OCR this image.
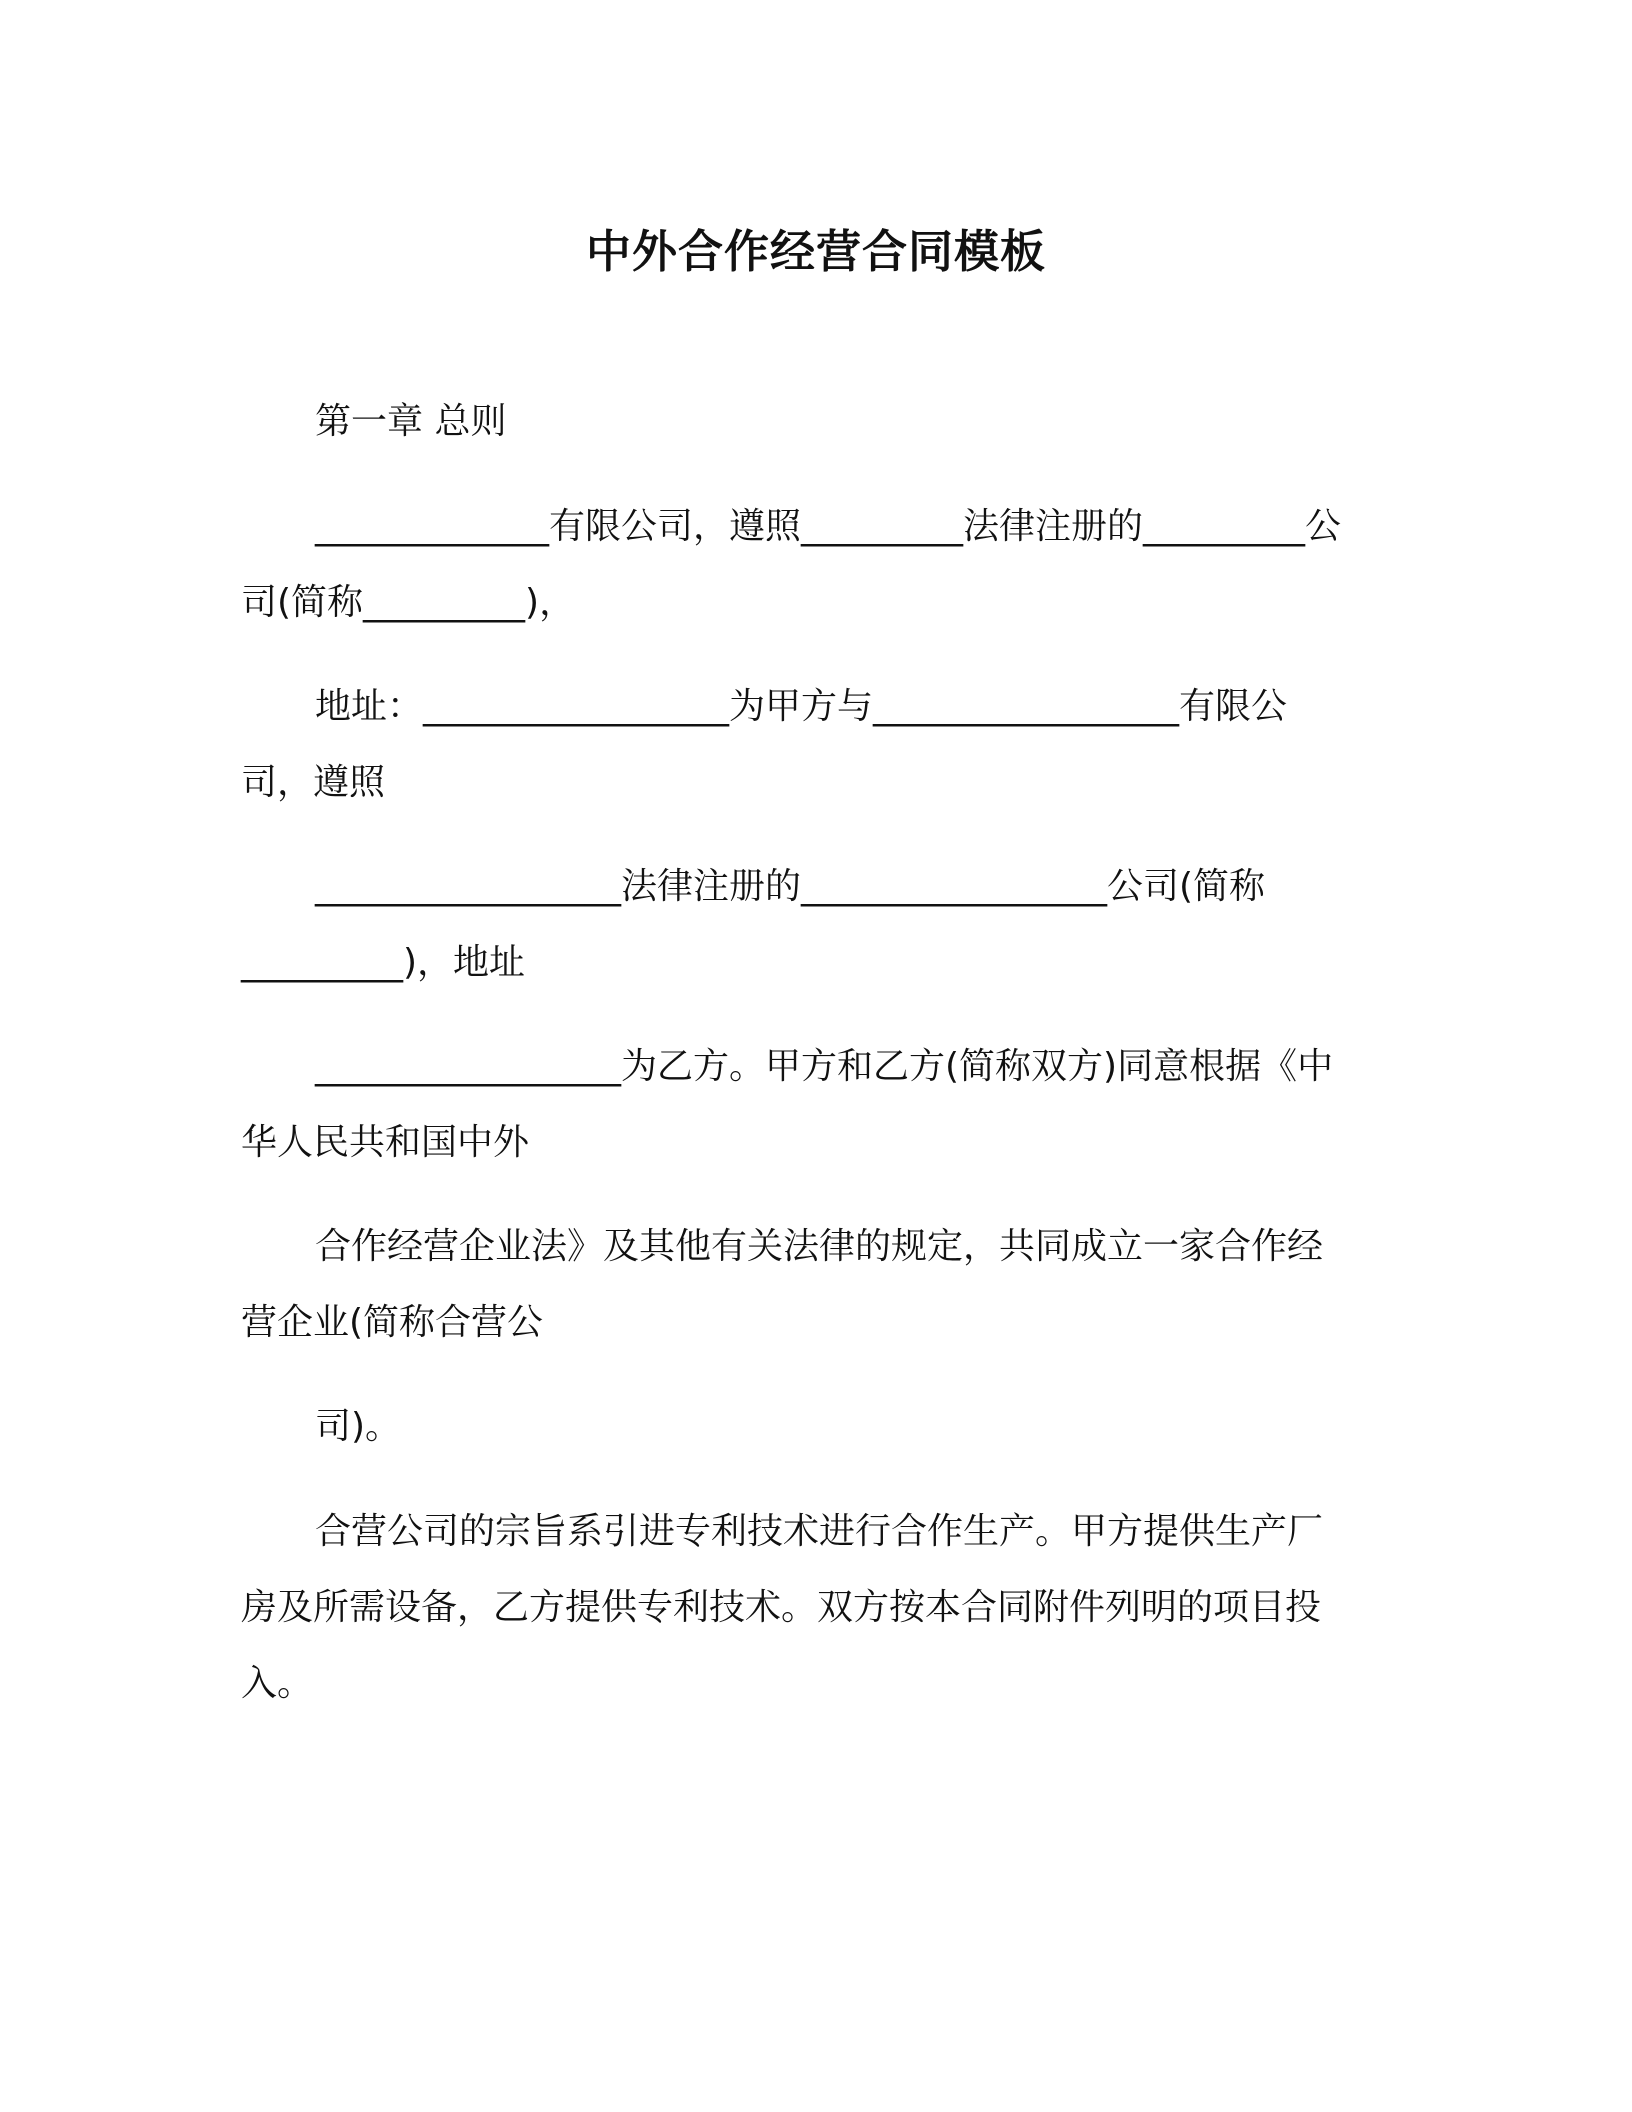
中外合作经营合同模板
第一章 总则
_____________有限公司，遵照_________法律注册的_________公
司(简称_________)，
地址：_________________为甲方与_________________有限公
司，遵照
_________________法律注册的_________________公司(简称
_________)，地址
_________________为乙方。甲方和乙方(简称双方)同意根据《中
华人民共和国中外
合作经营企业法》及其他有关法律的规定，共同成立一家合作经
营企业(简称合营公
司)。
合营公司的宗旨系引进专利技术进行合作生产。甲方提供生产厂
房及所需设备，乙方提供专利技术。双方按本合同附件列明的项目投
入。
